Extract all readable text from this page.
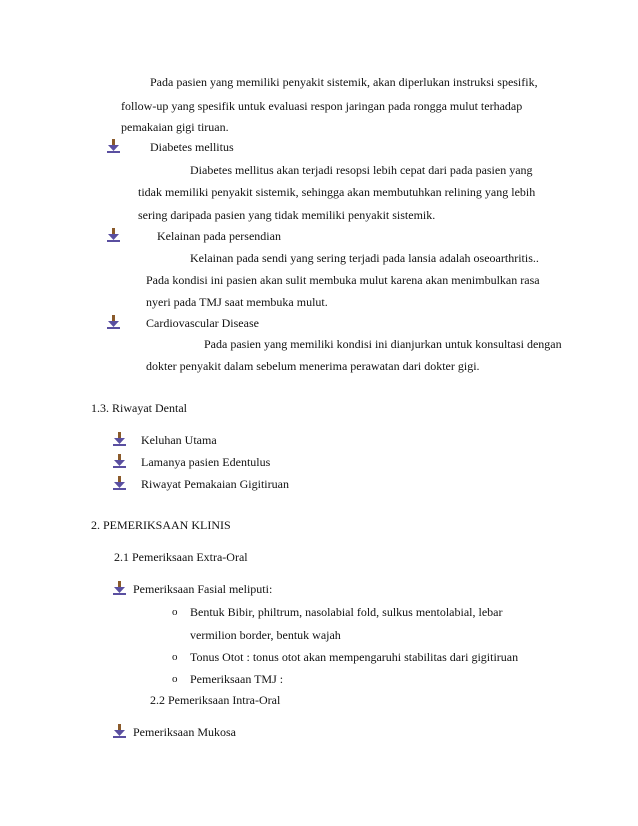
Pada pasien yang memiliki penyakit sistemik, akan diperlukan instruksi spesifik,
follow-up yang spesifik untuk evaluasi respon jaringan pada rongga mulut terhadap
pemakaian gigi tiruan.
Diabetes mellitus
Diabetes mellitus akan terjadi resopsi lebih cepat dari pada pasien yang
tidak memiliki penyakit sistemik, sehingga akan membutuhkan relining yang lebih
sering daripada pasien yang tidak memiliki penyakit sistemik.
Kelainan pada persendian
Kelainan pada sendi yang sering terjadi pada lansia adalah oseoarthritis..
Pada kondisi ini pasien akan sulit membuka mulut karena akan menimbulkan rasa
nyeri pada TMJ saat membuka mulut.
Cardiovascular Disease
Pada pasien yang memiliki kondisi ini dianjurkan untuk konsultasi dengan
dokter penyakit dalam sebelum menerima perawatan dari dokter gigi.
1.3. Riwayat Dental
Keluhan Utama
Lamanya pasien Edentulus
Riwayat Pemakaian Gigitiruan
2. PEMERIKSAAN KLINIS
2.1 Pemeriksaan Extra-Oral
Pemeriksaan Fasial meliputi:
o Bentuk Bibir, philtrum, nasolabial fold, sulkus mentolabial, lebar
vermilion border, bentuk wajah
o Tonus Otot : tonus otot akan mempengaruhi stabilitas dari gigitiruan
o Pemeriksaan TMJ :
2.2 Pemeriksaan Intra-Oral
Pemeriksaan Mukosa
